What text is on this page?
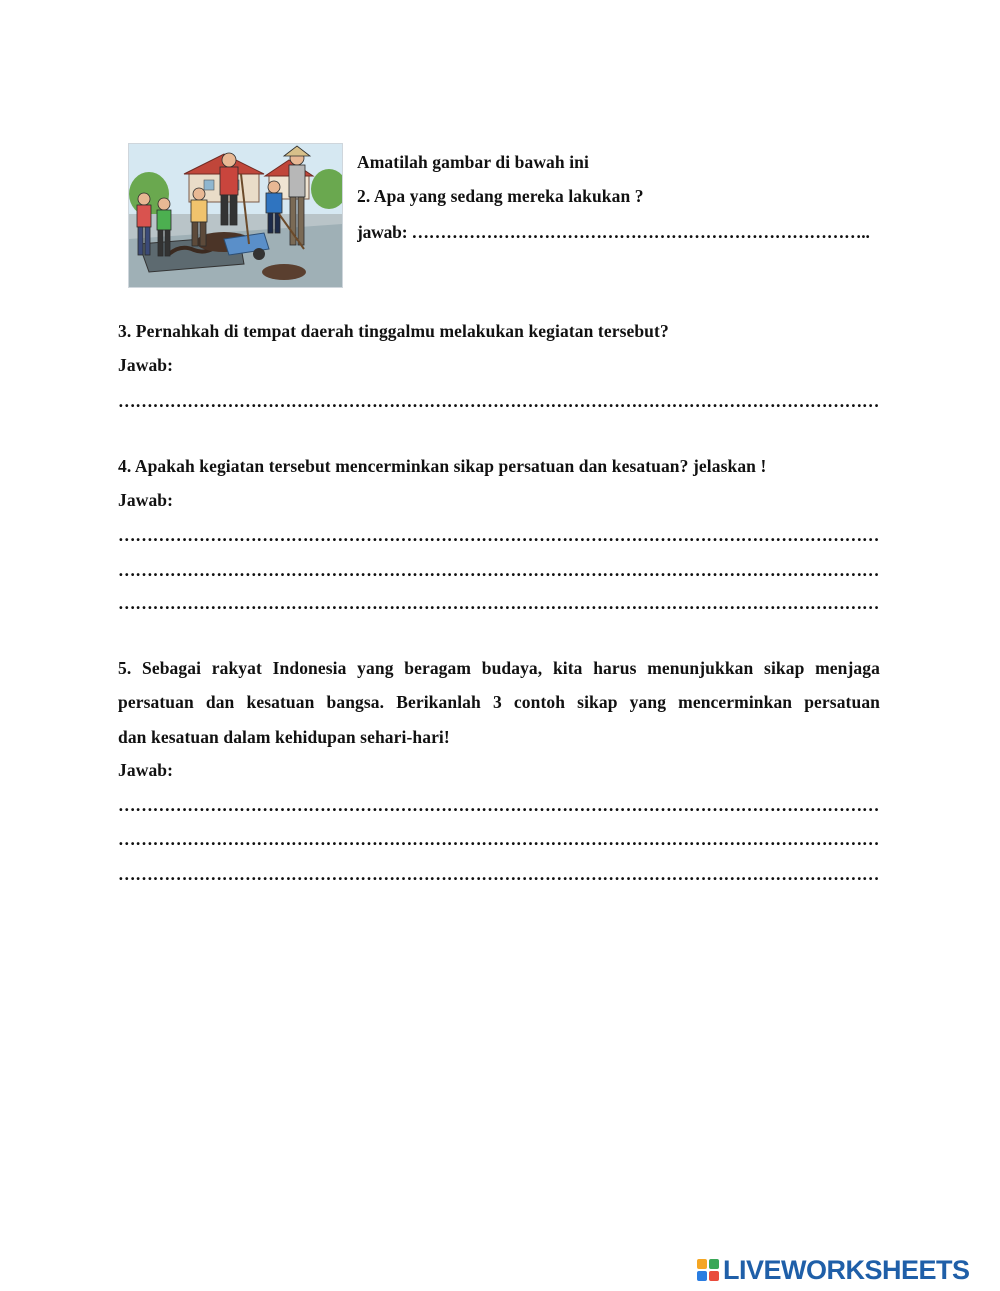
Amatilah gambar di bawah ini
2. Apa yang sedang mereka lakukan ?
jawab: ……………………………………………………………………..
3. Pernahkah di tempat daerah tinggalmu melakukan kegiatan tersebut?
Jawab:
……………………………………………………………………………………………………………………
4. Apakah kegiatan tersebut mencerminkan sikap persatuan dan kesatuan? jelaskan !
Jawab:
……………………………………………………………………………………………………………………
……………………………………………………………………………………………………………………
……………………………………………………………………………………………………………………
5. Sebagai rakyat Indonesia yang beragam budaya, kita harus menunjukkan sikap menjaga
persatuan dan kesatuan bangsa. Berikanlah 3 contoh sikap yang mencerminkan persatuan
dan kesatuan dalam kehidupan sehari-hari!
Jawab:
……………………………………………………………………………………………………………………
……………………………………………………………………………………………………………………
……………………………………………………………………………………………………………………
LIVEWORKSHEETS
